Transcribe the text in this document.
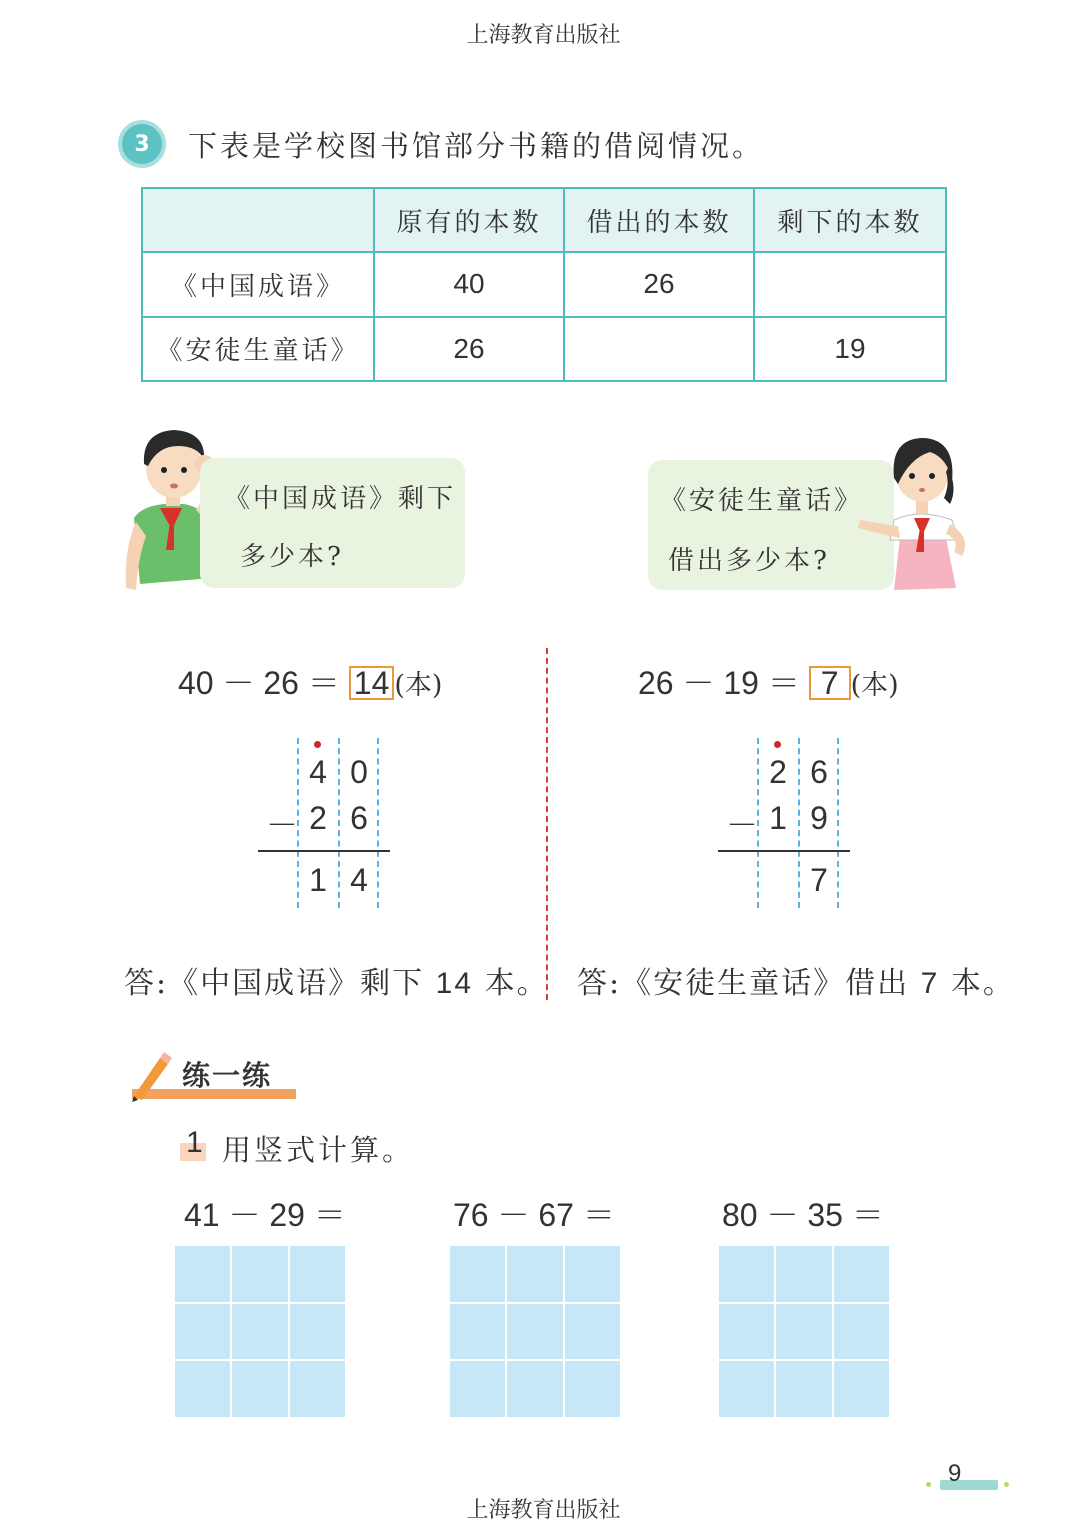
上海教育出版社
3	下表是学校图书馆部分书籍的借阅情况。
	原有的本数	借出的本数	剩下的本数
《中国成语》	40	26	
《安徒生童话》	26		19
《中国成语》剩下
多少本?
《安徒生童话》
借出多少本?
40 － 26 ＝ 14 (本)
4 0
－ 2 6
1 4
答:《中国成语》剩下 14 本。
26 － 19 ＝ 7 (本)
2 6
－ 1 9
7
答:《安徒生童话》借出 7 本。
练一练
1 用竖式计算。
41 － 29 ＝	76 － 67 ＝	80 － 35 ＝
9
上海教育出版社
